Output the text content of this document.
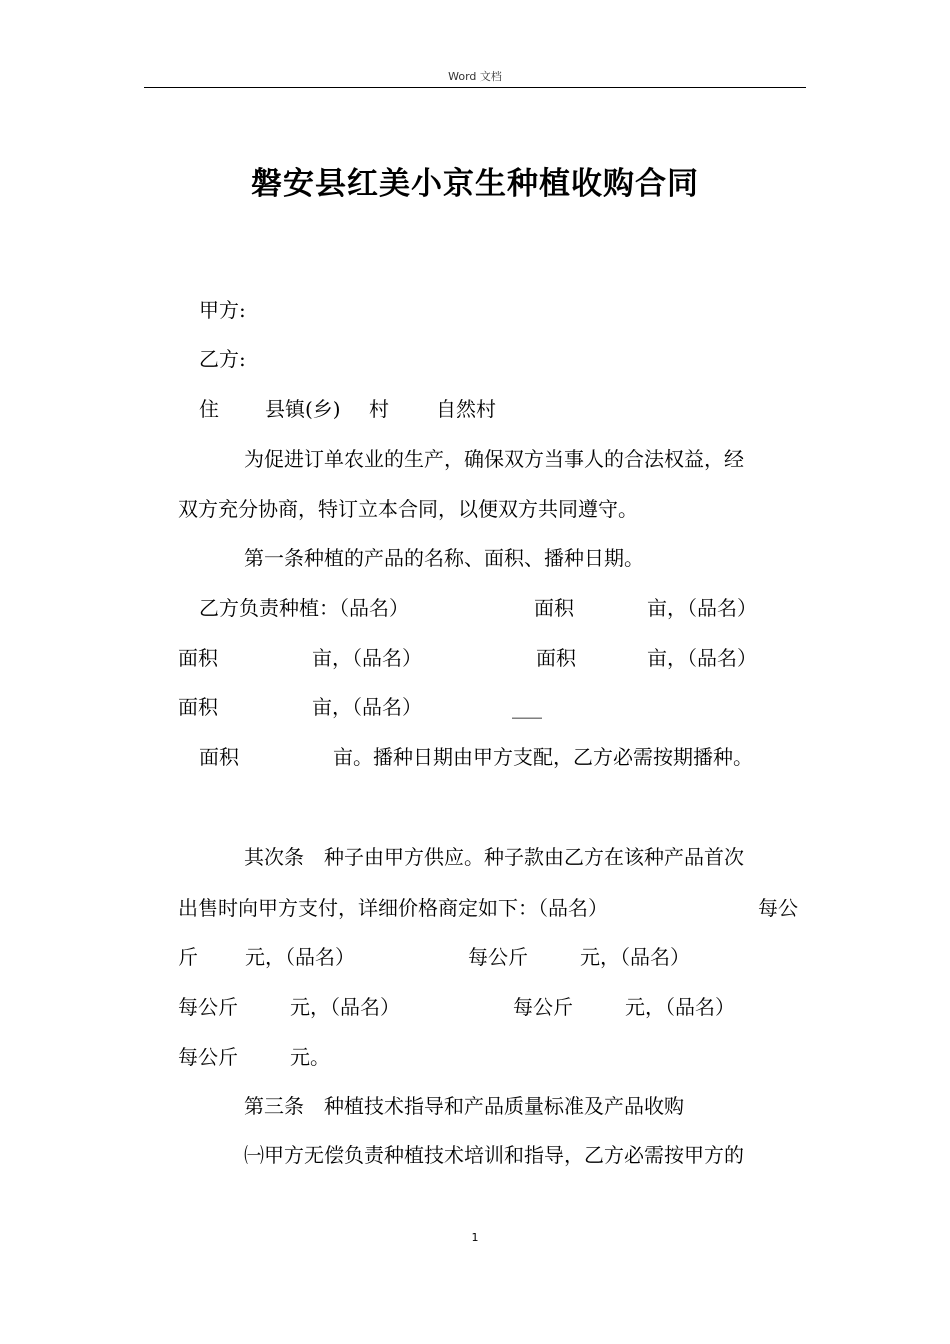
Word 文档
磐安县红美小京生种植收购合同
甲方:
乙方:
住 县镇(乡) 村 自然村
为促进订单农业的生产，确保双方当事人的合法权益，经
双方充分协商，特订立本合同，以便双方共同遵守。
第一条种植的产品的名称、面积、播种日期。
乙方负责种植：（品名）	面积	亩，（品名）
面积	亩，（品名）	面积	亩，（品名）
面积	亩，（品名）	___
面积	亩。播种日期由甲方支配，乙方必需按期播种。
其次条　种子由甲方供应。种子款由乙方在该种产品首次
出售时向甲方支付，详细价格商定如下：（品名）	每公
斤 元，（品名）	每公斤	元，（品名）
每公斤	元，（品名）	每公斤	元，（品名）
每公斤	元。
第三条　种植技术指导和产品质量标准及产品收购
㈠甲方无偿负责种植技术培训和指导，乙方必需按甲方的
1
